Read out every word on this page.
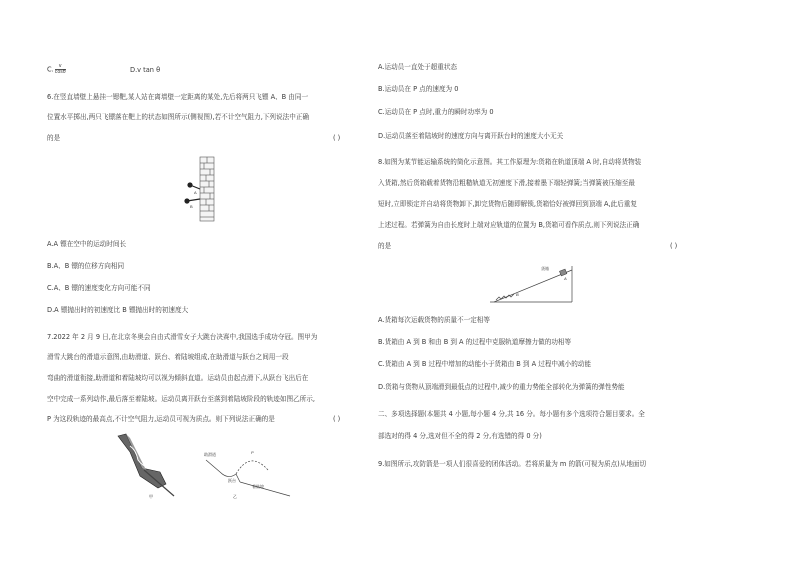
C. $\frac{v}{\cos\theta}$	D.v tan θ
6.在竖直墙壁上悬挂一锶靶,某人站在离墙壁一定距离的某处,先后将两只飞镖 A、B 由同一
位置水平掷出,两只飞镖落在靶上的状态如图所示(侧视图),若不计空气阻力,下列说法中正确
的是	( )
A
B
A.A 镖在空中的运动时间长
B.A、B 镖的位移方向相同
C.A、B 镖的速度变化方向可能不同
D.A 镖抛出时的初速度比 B 镖抛出时的初速度大
7.2022 年 2 月 9 日,在北京冬奥会自由式滑雪女子大跳台决赛中,我国选手成功夺冠。图甲为
滑雪大跳台的滑道示意图,由助滑道、跃台、着陆坡组成,在助滑道与跃台之间用一段
弯曲的滑道衔接,助滑道和着陆坡均可以视为倾斜直道。运动员由起点滑下,从跃台飞出后在
空中完成一系列动作,最后落至着陆坡。运动员离开跃台至落到着陆坡阶段的轨迹如图乙所示,
P 为这段轨迹的最高点,不计空气阻力,运动员可视为质点。则下列说法正确的是	( )
助滑道
跃台
着陆坡
P
甲	乙
A.运动员一直处于超重状态
B.运动员在 P 点的速度为 0
C.运动员在 P 点时,重力的瞬时功率为 0
D.运动员落至着陆坡时的速度方向与离开跃台时的速度大小无关
8.如图为某节能运输系统的简化示意图。其工作原理为:货箱在轨道顶端 A 时,自动将货物装
入货箱,然后货箱载着货物沿粗糙轨道无初速度下滑,接着墨下端轻弹簧;当弹簧被压缩至最
短时,立即锁定并自动将货物卸下,卸完货物后随即解锁,货箱恰好被弹回到顶端 A,此后重复
上述过程。若弹簧为自由长度时上端对应轨道的位置为 B,货箱可看作质点,则下列说法正确
的是	( )
货箱
A
B
A.货箱每次运载货物的质量不一定相等
B.货箱由 A 到 B 和由 B 到 A 的过程中克服轨道摩擦力做的功相等
C.货箱由 A 到 B 过程中增加的动能小于货箱由 B 到 A 过程中减小的动能
D.货箱与货物从顶端滑到最低点的过程中,减少的重力势能全部转化为弹簧的弹性势能
二、多项选择题(本题共 4 小题,每小题 4 分,共 16 分。每小题有多个选项符合题目要求。全
部选对的得 4 分,选对但不全的得 2 分,有选错的得 0 分)
9.如图所示,攻防箭是一项人们很喜爱的团体活动。若将质量为 m 的箭(可视为质点)从地面切
